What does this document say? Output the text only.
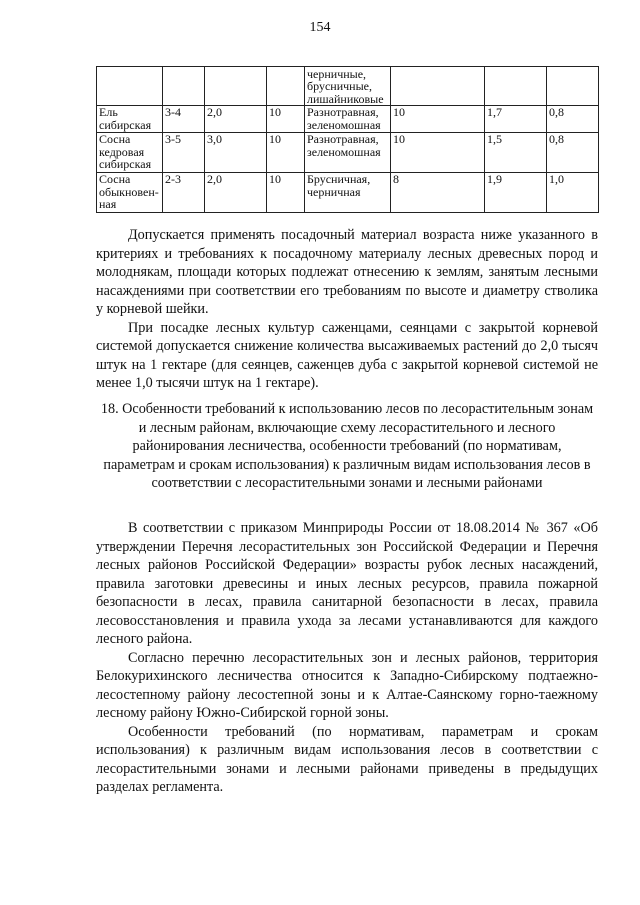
154
				черничные, брусничные, лишайниковые			
Ель сибирская	3-4	2,0	10	Разнотравная, зеленомошная	10	1,7	0,8
Сосна кедровая сибирская	3-5	3,0	10	Разнотравная, зеленомошная	10	1,5	0,8
Сосна обыкновен-ная	2-3	2,0	10	Брусничная, черничная	8	1,9	1,0

Допускается применять посадочный материал возраста ниже указанного в критериях и требованиях к посадочному материалу лесных древесных пород и молоднякам, площади которых подлежат отнесению к землям, занятым лесными насаждениями при соответствии его требованиям по высоте и диаметру стволика у корневой шейки.

При посадке лесных культур саженцами, сеянцами с закрытой корневой системой допускается снижение количества высаживаемых растений до 2,0 тысяч штук на 1 гектаре (для сеянцев, саженцев дуба с закрытой корневой системой не менее 1,0 тысячи штук на 1 гектаре).

18. Особенности требований к использованию лесов по лесорастительным зонам и лесным районам, включающие схему лесорастительного и лесного районирования лесничества, особенности требований (по нормативам, параметрам и срокам использования) к различным видам использования лесов в соответствии с лесорастительными зонами и лесными районами

В соответствии с приказом Минприроды России от 18.08.2014 № 367 «Об утверждении Перечня лесорастительных зон Российской Федерации и Перечня лесных районов Российской Федерации» возрасты рубок лесных насаждений, правила заготовки древесины и иных лесных ресурсов, правила пожарной безопасности в лесах, правила санитарной безопасности в лесах, правила лесовосстановления и правила ухода за лесами устанавливаются для каждого лесного района.

Согласно перечню лесорастительных зон и лесных районов, территория Белокурихинского лесничества относится к Западно-Сибирскому подтаежно-лесостепному району лесостепной зоны и к Алтае-Саянскому горно-таежному лесному району Южно-Сибирской горной зоны.

Особенности требований (по нормативам, параметрам и срокам использования) к различным видам использования лесов в соответствии с лесорастительными зонами и лесными районами приведены в предыдущих разделах регламента.
